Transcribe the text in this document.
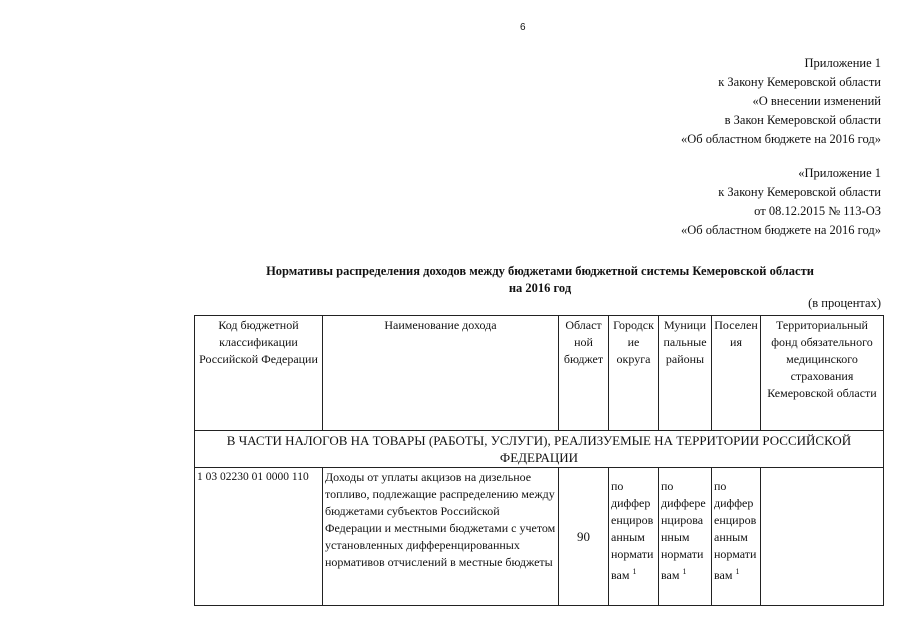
6
Приложение 1
к Закону Кемеровской области
«О внесении изменений
в Закон Кемеровской области
«Об областном бюджете на 2016 год»
«Приложение 1
к Закону Кемеровской области
от 08.12.2015 № 113-ОЗ
«Об областном бюджете на 2016 год»
Нормативы распределения доходов между бюджетами бюджетной системы Кемеровской области
на 2016 год
(в процентах)
Код бюджетной классификации Российской Федерации	Наименование дохода	Област ной бюджет	Городск ие округа	Муници пальные районы	Поселен ия	Территориальный фонд обязательного медицинского страхования Кемеровской области
В ЧАСТИ НАЛОГОВ НА ТОВАРЫ (РАБОТЫ, УСЛУГИ), РЕАЛИЗУЕМЫЕ НА ТЕРРИТОРИИ РОССИЙСКОЙ ФЕДЕРАЦИИ						
1 03 02230 01 0000 110	Доходы от уплаты акцизов на дизельное топливо, подлежащие распределению между бюджетами субъектов Российской Федерации и местными бюджетами с учетом установленных дифференцированных нормативов отчислений в местные бюджеты	90	по диффер енциров анным нормати вам $^1$	по диффере нцирова нным нормати вам $^1$	по диффер енциров анным нормати вам $^1$	
